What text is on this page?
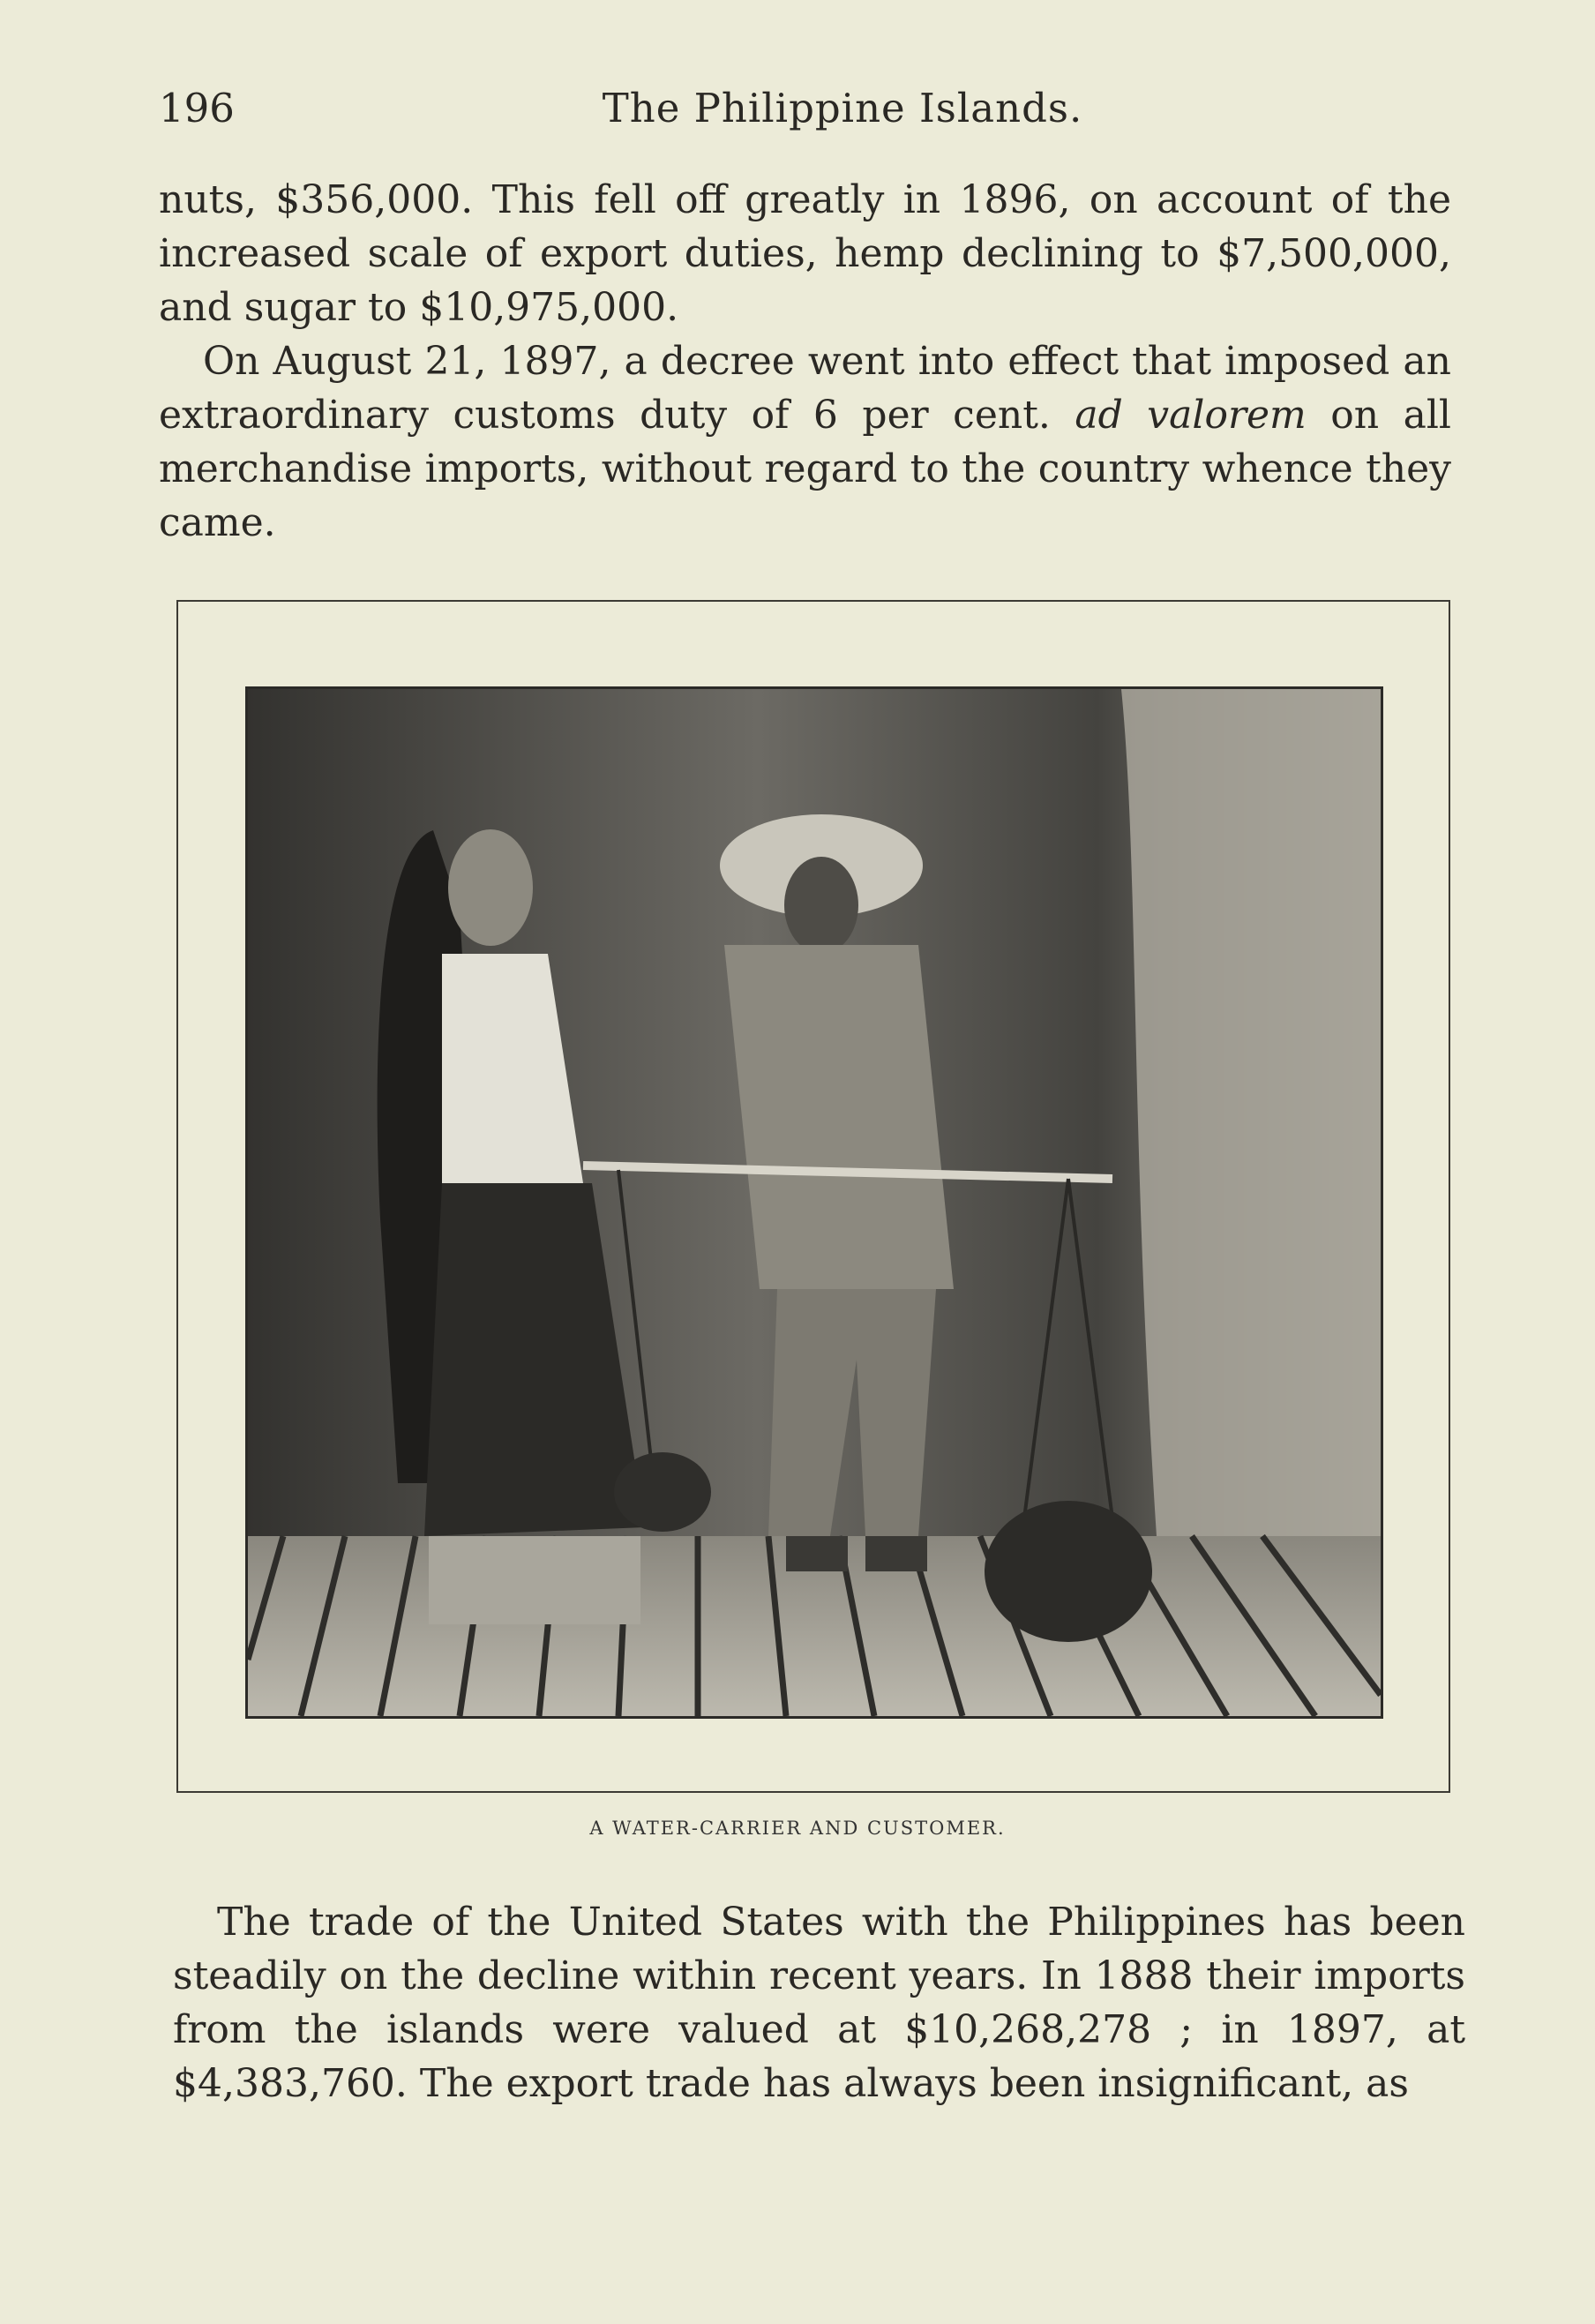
196	The Philippine Islands.

nuts, $356,000. This fell off greatly in 1896, on account of the increased scale of export duties, hemp declining to $7,500,000, and sugar to $10,975,000.

On August 21, 1897, a decree went into effect that imposed an extraordinary customs duty of 6 per cent. ad valorem on all merchandise imports, without regard to the country whence they came.

A WATER-CARRIER AND CUSTOMER.

The trade of the United States with the Philippines has been steadily on the decline within recent years. In 1888 their imports from the islands were valued at $10,268,278 ; in 1897, at $4,383,760. The export trade has always been insignificant, as
